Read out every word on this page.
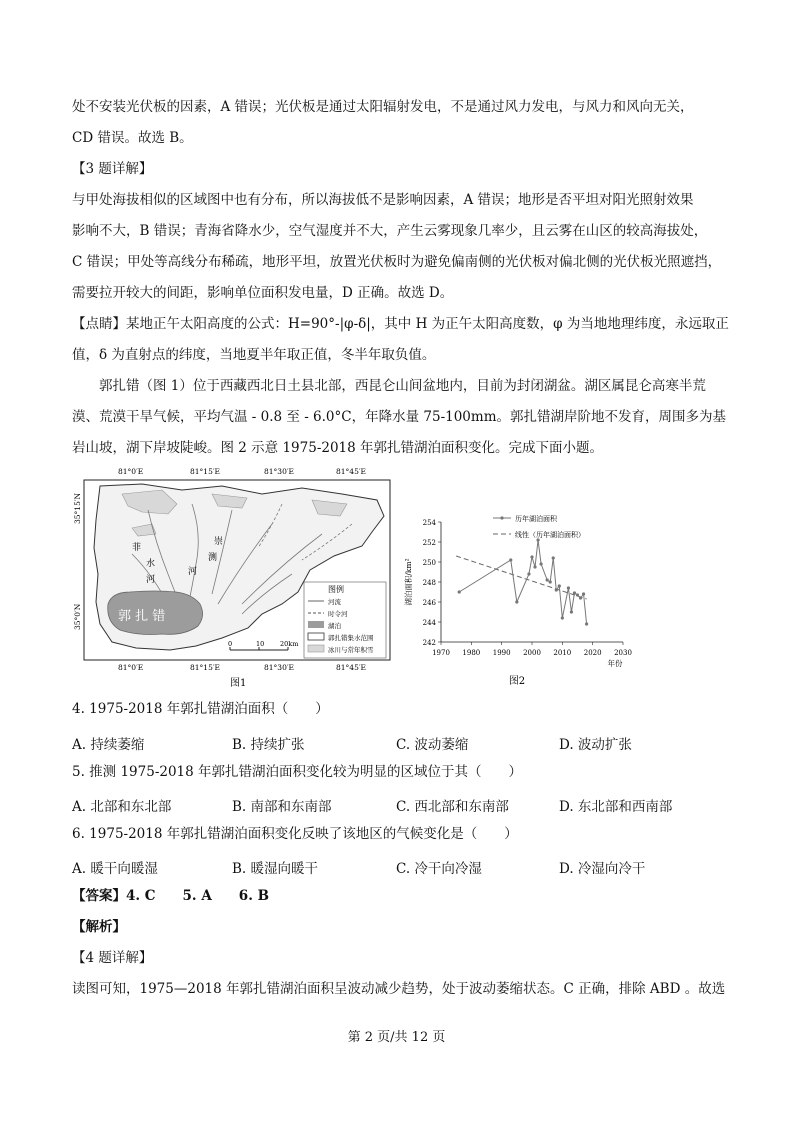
处不安装光伏板的因素，A 错误；光伏板是通过太阳辐射发电，不是通过风力发电，与风力和风向无关，

CD 错误。故选 B。

【3 题详解】

与甲处海拔相似的区域图中也有分布，所以海拔低不是影响因素，A 错误；地形是否平坦对阳光照射效果

影响不大，B 错误；青海省降水少，空气湿度并不大，产生云雾现象几率少，且云雾在山区的较高海拔处，

C 错误；甲处等高线分布稀疏，地形平坦，放置光伏板时为避免偏南侧的光伏板对偏北侧的光伏板光照遮挡，

需要拉开较大的间距，影响单位面积发电量，D 正确。故选 D。

【点睛】某地正午太阳高度的公式：H=90°-|φ-δ|，其中 H 为正午太阳高度数，φ 为当地地理纬度，永远取正

值，δ 为直射点的纬度，当地夏半年取正值，冬半年取负值。

郭扎错（图 1）位于西藏西北日土县北部，西昆仑山间盆地内，目前为封闭湖盆。湖区属昆仑高寒半荒

漠、荒漠干旱气候，平均气温 - 0.8 至 - 6.0°C，年降水量 75-100mm。郭扎错湖岸阶地不发育，周围多为基

岩山坡，湖下岸坡陡峻。图 2 示意 1975-2018 年郭扎错湖泊面积变化。完成下面小题。

81°0′E	81°15′E	81°30′E	81°45′E
郭 扎 错
菲
水
河
崇
测
河
35°15′N
35°0′N
图例
河流
时令河
湖泊
郭扎错集水范围
冰川与常年积雪
0	10 20km
81°0′E	81°15′E	81°30′E	81°45′E
图1
242
244
246
248
250
252
254
1970 1980 1990 2000 2010 2020 2030
年份
湖泊面积/km²
历年湖泊面积
线性（历年湖泊面积）
图2

4. 1975-2018 年郭扎错湖泊面积（　　）

A. 持续萎缩	B. 持续扩张	C. 波动萎缩	D. 波动扩张

5. 推测 1975-2018 年郭扎错湖泊面积变化较为明显的区域位于其（　　）

A. 北部和东北部	B. 南部和东南部	C. 西北部和东南部	D. 东北部和西南部

6. 1975-2018 年郭扎错湖泊面积变化反映了该地区的气候变化是（　　）

A. 暖干向暖湿	B. 暖湿向暖干	C. 冷干向冷湿	D. 冷湿向冷干

【答案】4. C　　5. A　　6. B

【解析】

【4 题详解】

读图可知，1975—2018 年郭扎错湖泊面积呈波动减少趋势，处于波动萎缩状态。C 正确，排除 ABD 。故选

第 2 页/共 12 页
